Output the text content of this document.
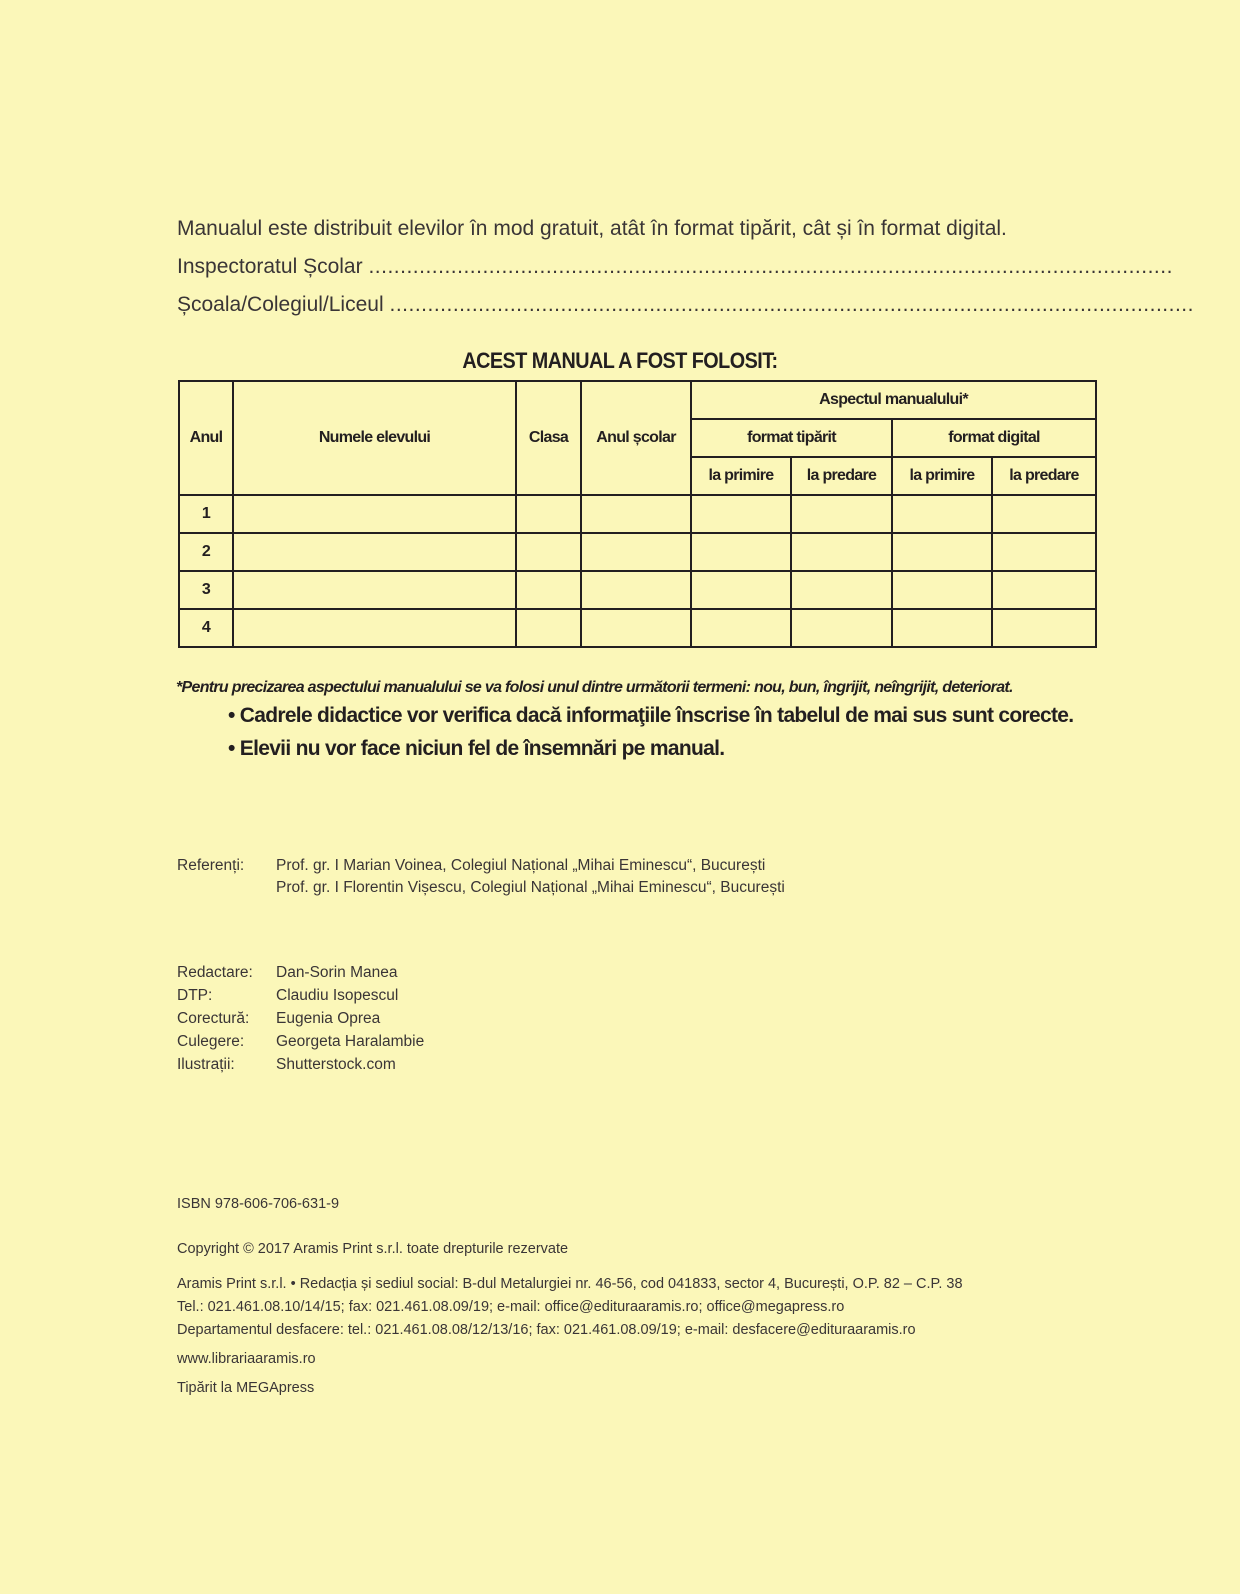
Manualul este distribuit elevilor în mod gratuit, atât în format tipărit, cât și în format digital.
Inspectoratul Școlar ...............................................................................................................................
Școala/Colegiul/Liceul ...............................................................................................................................
ACEST MANUAL A FOST FOLOSIT:
Anul	Numele elevului	Clasa	Anul școlar	Aspectul manualului*			
				format tipărit		format digital	
				la primire	la predare	la primire	la predare
1							
2							
3							
4							
*Pentru precizarea aspectului manualului se va folosi unul dintre următorii termeni: nou, bun, îngrijit, neîngrijit, deteriorat.
• Cadrele didactice vor verifica dacă informaţiile înscrise în tabelul de mai sus sunt corecte.
• Elevii nu vor face niciun fel de însemnări pe manual.
Referenți: Prof. gr. I Marian Voinea, Colegiul Național „Mihai Eminescu“, București
Prof. gr. I Florentin Vișescu, Colegiul Național „Mihai Eminescu“, București
Redactare: Dan-Sorin Manea
DTP:	Claudiu Isopescul
Corectură: Eugenia Oprea
Culegere: Georgeta Haralambie
Ilustrații:	Shutterstock.com
ISBN 978-606-706-631-9
Copyright © 2017 Aramis Print s.r.l. toate drepturile rezervate
Aramis Print s.r.l. • Redacția și sediul social: B-dul Metalurgiei nr. 46-56, cod 041833, sector 4, București, O.P. 82 – C.P. 38
Tel.: 021.461.08.10/14/15; fax: 021.461.08.09/19; e-mail: office@edituraaramis.ro; office@megapress.ro
Departamentul desfacere: tel.: 021.461.08.08/12/13/16; fax: 021.461.08.09/19; e-mail: desfacere@edituraaramis.ro
www.librariaaramis.ro
Tipărit la MEGApress
